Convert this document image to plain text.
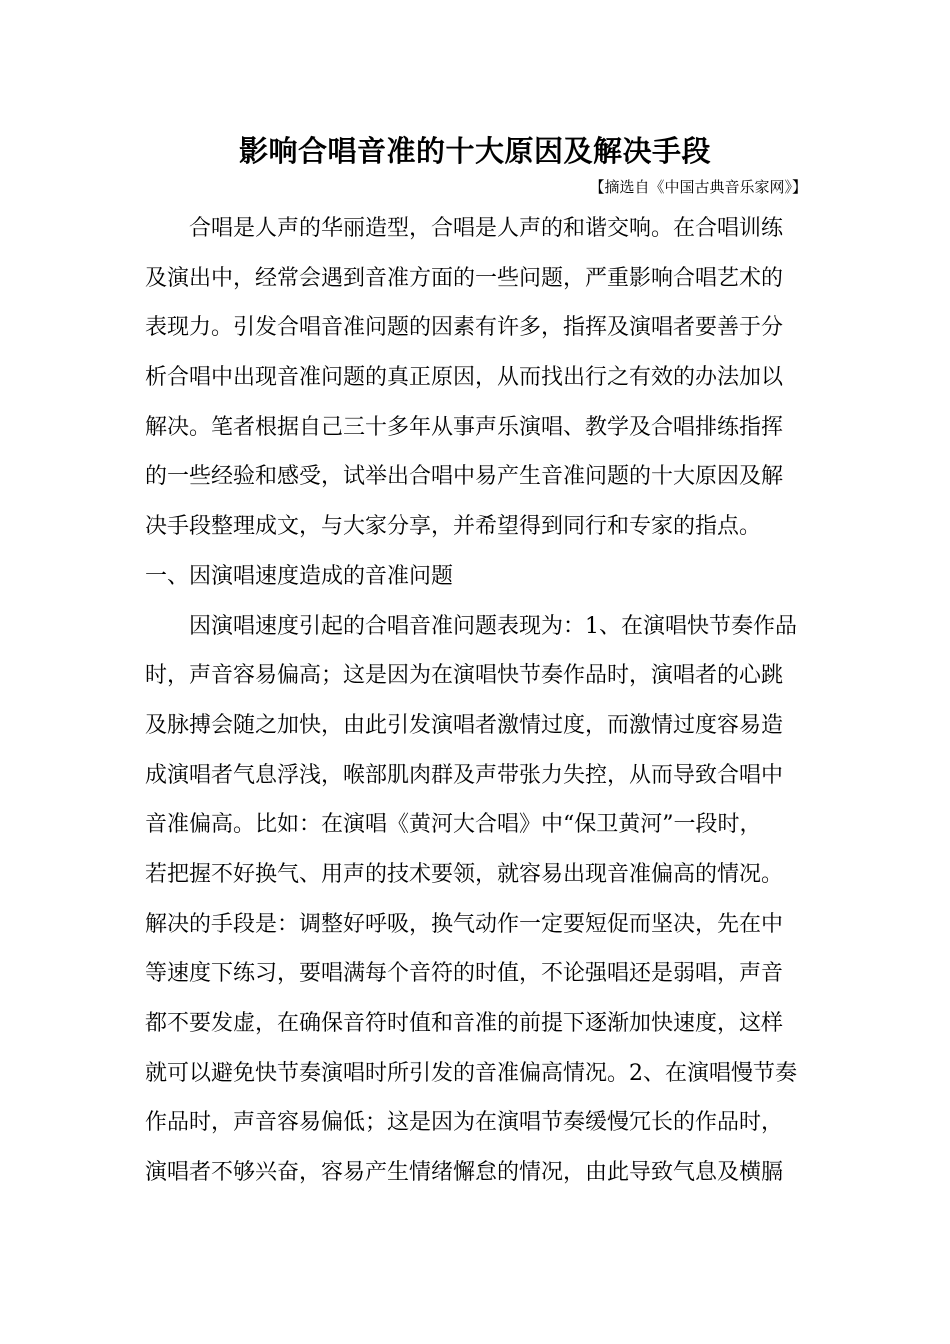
影响合唱音准的十大原因及解决手段
【摘选自《中国古典音乐家网》】
合唱是人声的华丽造型，合唱是人声的和谐交响。在合唱训练
及演出中，经常会遇到音准方面的一些问题，严重影响合唱艺术的
表现力。引发合唱音准问题的因素有许多，指挥及演唱者要善于分
析合唱中出现音准问题的真正原因，从而找出行之有效的办法加以
解决。笔者根据自己三十多年从事声乐演唱、教学及合唱排练指挥
的一些经验和感受，试举出合唱中易产生音准问题的十大原因及解
决手段整理成文，与大家分享，并希望得到同行和专家的指点。
一、因演唱速度造成的音准问题
因演唱速度引起的合唱音准问题表现为：1、在演唱快节奏作品
时，声音容易偏高；这是因为在演唱快节奏作品时，演唱者的心跳
及脉搏会随之加快，由此引发演唱者激情过度，而激情过度容易造
成演唱者气息浮浅，喉部肌肉群及声带张力失控，从而导致合唱中
音准偏高。比如：在演唱《黄河大合唱》中“保卫黄河”一段时，
若把握不好换气、用声的技术要领，就容易出现音准偏高的情况。
解决的手段是：调整好呼吸，换气动作一定要短促而坚决，先在中
等速度下练习，要唱满每个音符的时值，不论强唱还是弱唱，声音
都不要发虚，在确保音符时值和音准的前提下逐渐加快速度，这样
就可以避免快节奏演唱时所引发的音准偏高情况。2、在演唱慢节奏
作品时，声音容易偏低；这是因为在演唱节奏缓慢冗长的作品时，
演唱者不够兴奋，容易产生情绪懈怠的情况，由此导致气息及横膈
